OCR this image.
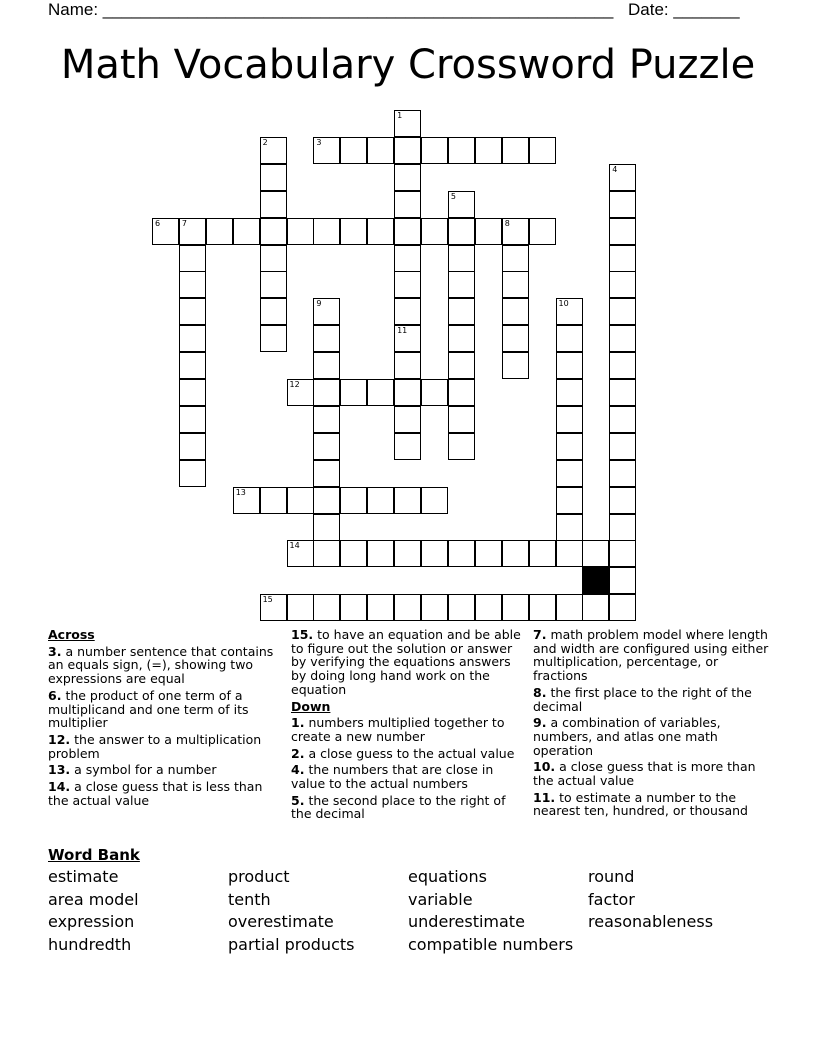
Name: ______________________________________________________ Date: _______
Math Vocabulary Crossword Puzzle
1
11
2	3
4
5
6	7	8
9	10
12
13
14
15

Across

3. a number sentence that contains an equals sign, (=), showing two expressions are equal

6. the product of one term of a multiplicand and one term of its multiplier

12. the answer to a multiplication problem

13. a symbol for a number

14. a close guess that is less than the actual value

15. to have an equation and be able to figure out the solution or answer by verifying the equations answers by doing long hand work on the equation

Down

1. numbers multiplied together to create a new number

2. a close guess to the actual value

4. the numbers that are close in value to the actual numbers

5. the second place to the right of the decimal

7. math problem model where length and width are configured using either multiplication, percentage, or fractions

8. the first place to the right of the decimal

9. a combination of variables, numbers, and atlas one math operation

10. a close guess that is more than the actual value

11. to estimate a number to the nearest ten, hundred, or thousand

Word Bank
estimate
area model
expression
hundredth
product
tenth
overestimate
partial products
equations
variable
underestimate
compatible numbers
round
factor
reasonableness
